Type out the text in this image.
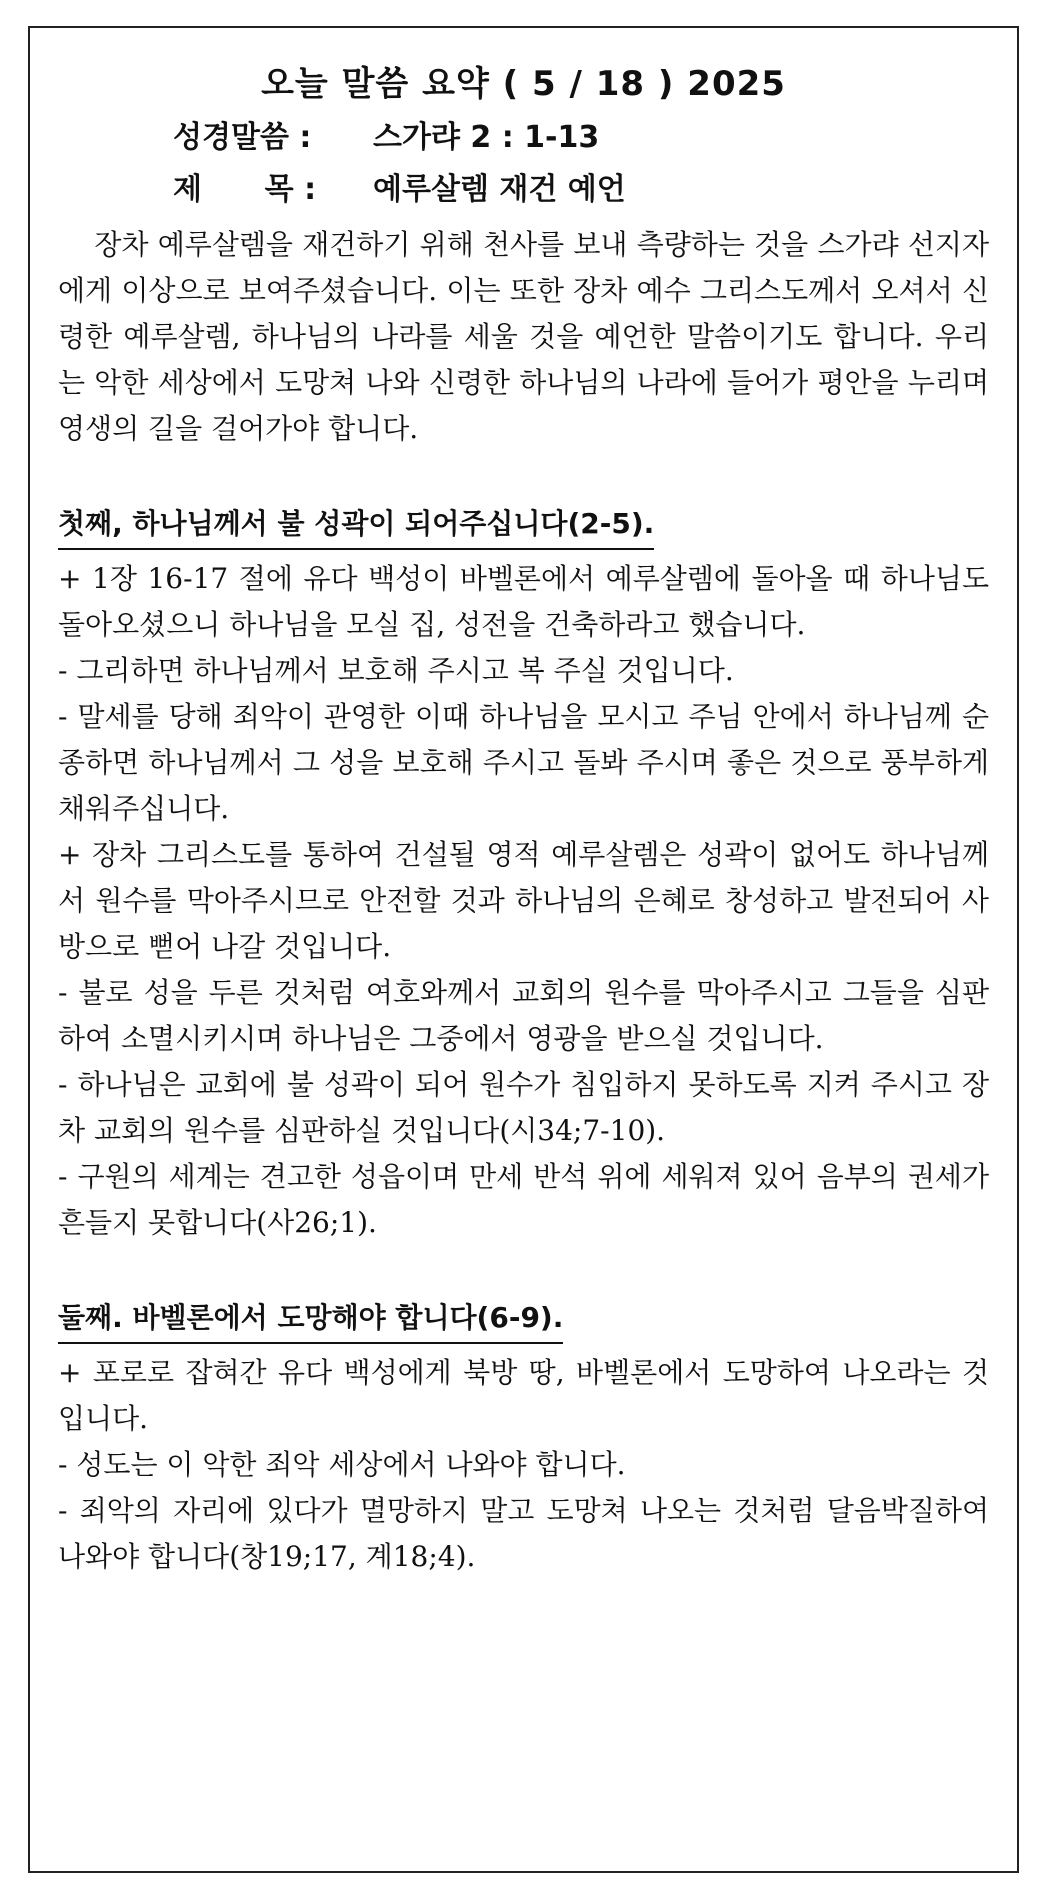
오늘 말씀 요약 ( 5 / 18 ) 2025
성경말씀 :	스가랴 2 : 1-13
제      목 :	예루살렘 재건 예언

장차 예루살렘을 재건하기 위해 천사를 보내 측량하는 것을 스가랴 선지자에게 이상으로 보여주셨습니다. 이는 또한 장차 예수 그리스도께서 오셔서 신령한 예루살렘, 하나님의 나라를 세울 것을 예언한 말씀이기도 합니다. 우리는 악한 세상에서 도망쳐 나와 신령한 하나님의 나라에 들어가 평안을 누리며 영생의 길을 걸어가야 합니다.

첫째, 하나님께서 불 성곽이 되어주십니다(2-5).
+ 1장 16-17 절에 유다 백성이 바벨론에서 예루살렘에 돌아올 때 하나님도 돌아오셨으니 하나님을 모실 집, 성전을 건축하라고 했습니다.
- 그리하면 하나님께서 보호해 주시고 복 주실 것입니다.
- 말세를 당해 죄악이 관영한 이때 하나님을 모시고 주님 안에서 하나님께 순종하면 하나님께서 그 성을 보호해 주시고 돌봐 주시며 좋은 것으로 풍부하게 채워주십니다.
+ 장차 그리스도를 통하여 건설될 영적 예루살렘은 성곽이 없어도 하나님께서 원수를 막아주시므로 안전할 것과 하나님의 은혜로 창성하고 발전되어 사방으로 뻗어 나갈 것입니다.
- 불로 성을 두른 것처럼 여호와께서 교회의 원수를 막아주시고 그들을 심판하여 소멸시키시며 하나님은 그중에서 영광을 받으실 것입니다.
- 하나님은 교회에 불 성곽이 되어 원수가 침입하지 못하도록 지켜 주시고 장차 교회의 원수를 심판하실 것입니다(시34;7-10).
- 구원의 세계는 견고한 성읍이며 만세 반석 위에 세워져 있어 음부의 권세가 흔들지 못합니다(사26;1).
둘째. 바벨론에서 도망해야 합니다(6-9).
+ 포로로 잡혀간 유다 백성에게 북방 땅, 바벨론에서 도망하여 나오라는 것입니다.
- 성도는 이 악한 죄악 세상에서 나와야 합니다.
- 죄악의 자리에 있다가 멸망하지 말고 도망쳐 나오는 것처럼 달음박질하여 나와야 합니다(창19;17, 계18;4).
